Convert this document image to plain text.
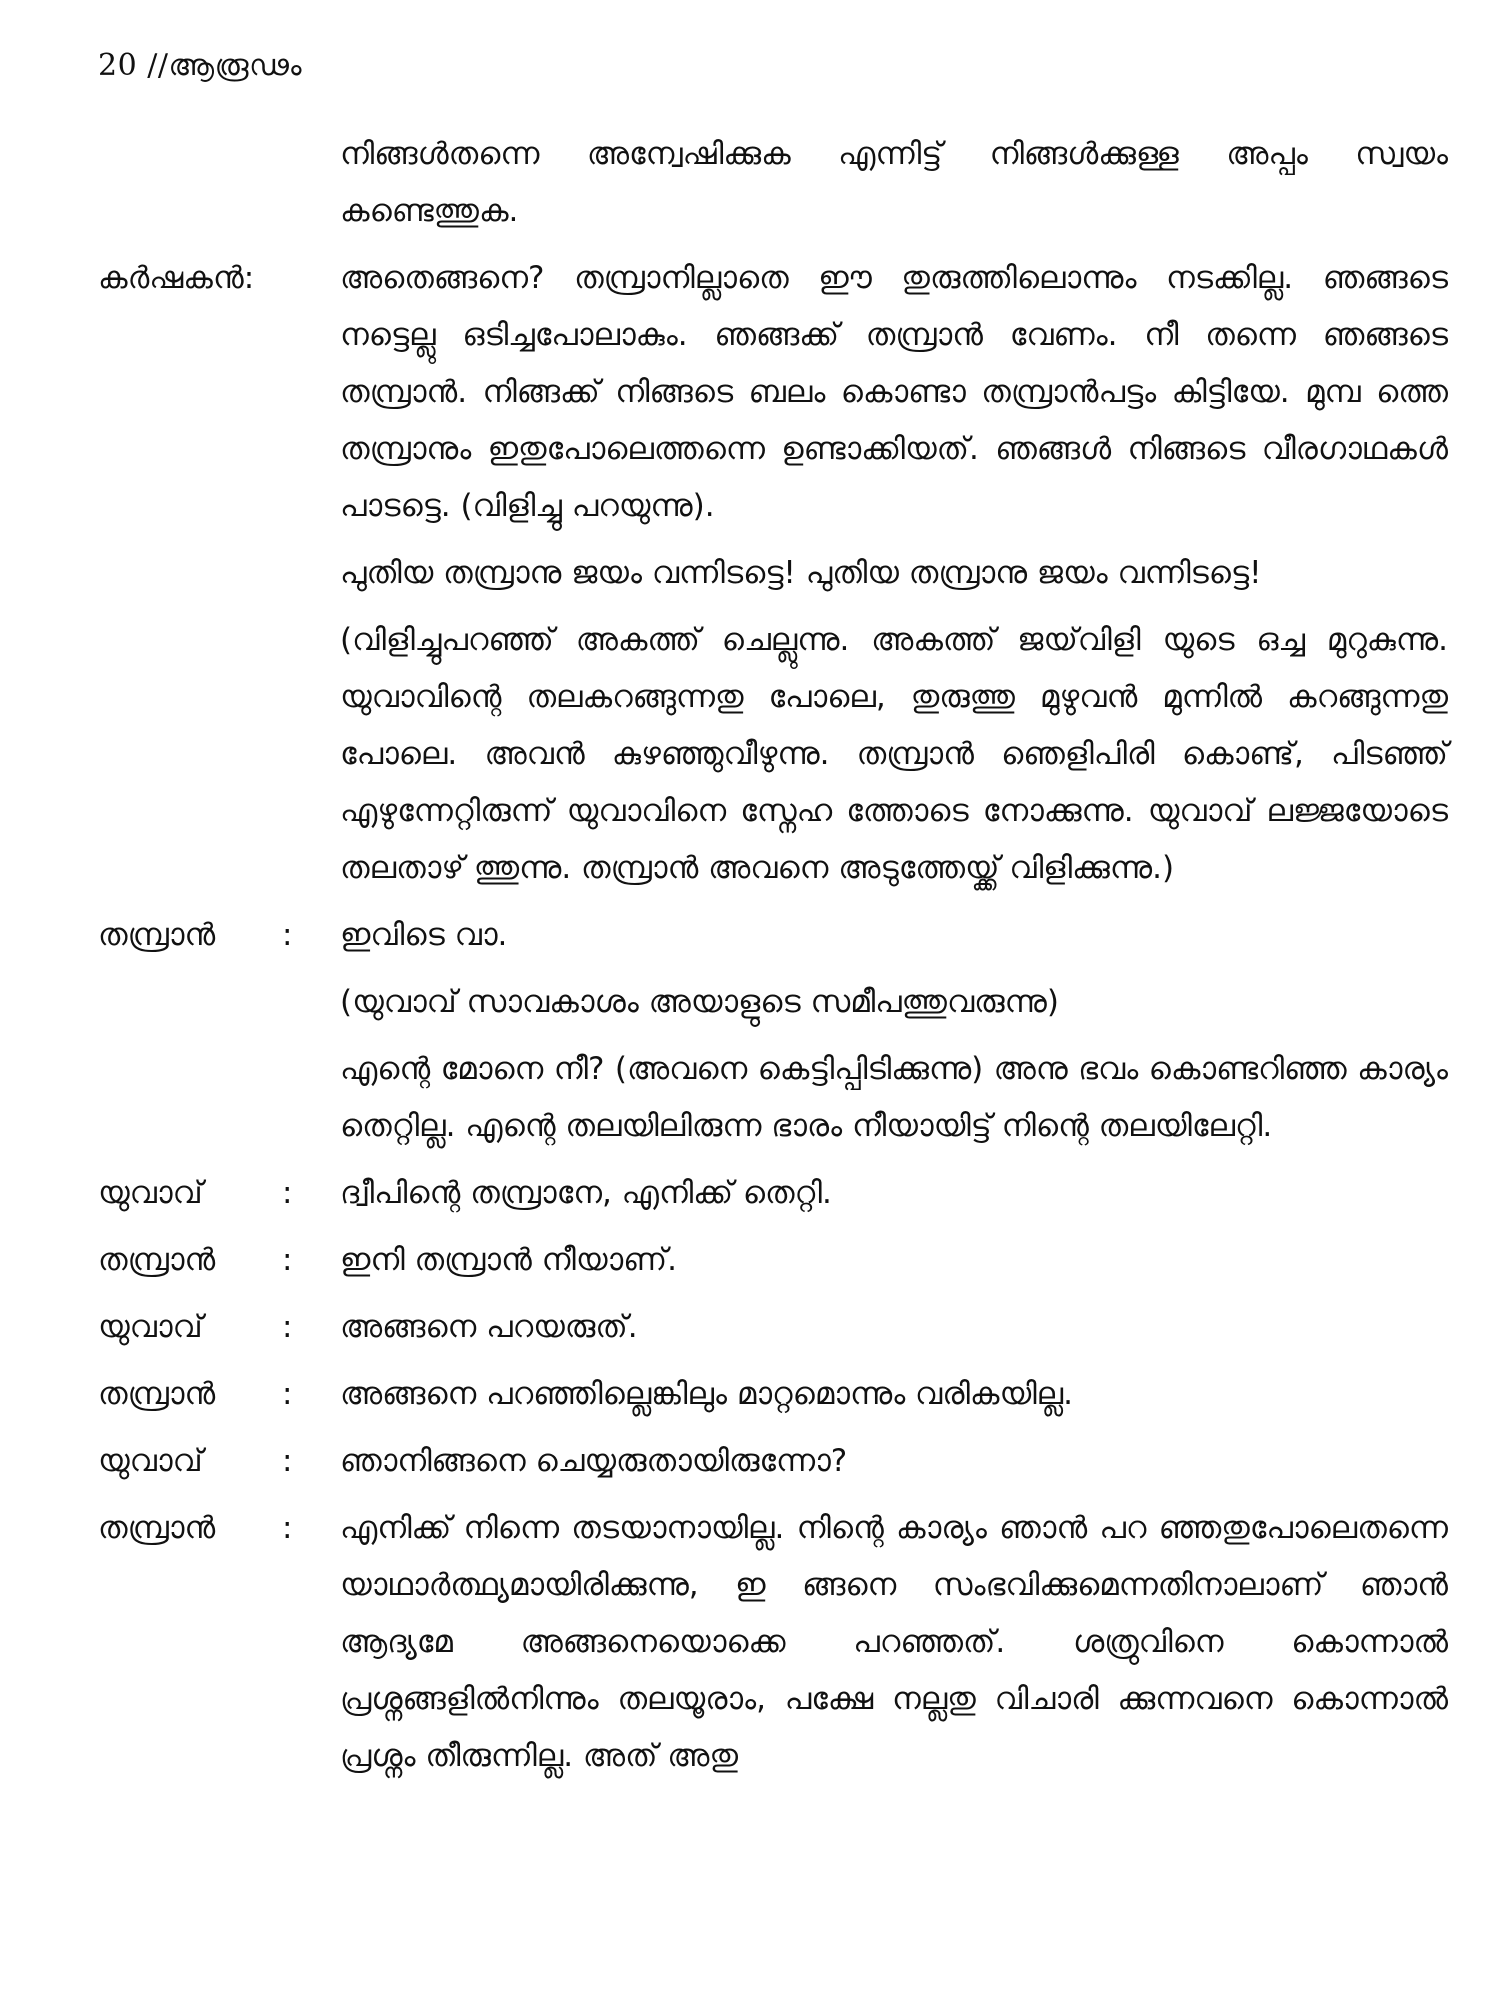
20 //ആരൂഢം
നിങ്ങൾതന്നെ അന്വേഷിക്കുക എന്നിട്ട് നിങ്ങൾക്കുള്ള അപ്പം സ്വയം കണ്ടെത്തുക.
കർഷകൻ:	അതെങ്ങനെ? തമ്പ്രാനില്ലാതെ ഈ തുരുത്തിലൊന്നും നടക്കില്ല. ഞങ്ങടെ നട്ടെല്ലു ഒടിച്ചപോലാകും. ഞങ്ങക്ക് തമ്പ്രാൻ വേണം. നീ തന്നെ ഞങ്ങടെ തമ്പ്രാൻ. നിങ്ങക്ക് നിങ്ങടെ ബലം കൊണ്ടാ തമ്പ്രാൻപട്ടം കിട്ടിയേ. മുമ്പ ത്തെ തമ്പ്രാനും ഇതുപോലെത്തന്നെ ഉണ്ടാക്കിയത്. ഞങ്ങൾ നിങ്ങടെ വീരഗാഥകൾ പാടട്ടെ. (വിളിച്ചു പറയുന്നു).
പുതിയ തമ്പ്രാനു ജയം വന്നിടട്ടെ! പുതിയ തമ്പ്രാനു ജയം വന്നിടട്ടെ!
(വിളിച്ചുപറഞ്ഞ് അകത്ത് ചെല്ലുന്നു. അകത്ത് ജയ്‌വിളി യുടെ ഒച്ച മുറുകുന്നു. യുവാവിന്റെ തലകറങ്ങുന്നതു പോലെ, തുരുത്തു മുഴുവൻ മുന്നിൽ കറങ്ങുന്നതു പോലെ. അവൻ കുഴഞ്ഞുവീഴുന്നു. തമ്പ്രാൻ ഞെളിപിരി കൊണ്ട്, പിടഞ്ഞ് എഴുന്നേറ്റിരുന്ന് യുവാവിനെ സ്നേഹ ത്തോടെ നോക്കുന്നു. യുവാവ് ലജ്ജയോടെ തലതാഴ് ത്തുന്നു. തമ്പ്രാൻ അവനെ അടുത്തേയ്ക്ക് വിളിക്കുന്നു.)
തമ്പ്രാൻ	:	ഇവിടെ വാ.
(യുവാവ് സാവകാശം അയാളുടെ സമീപത്തുവരുന്നു)
എന്റെ മോനെ നീ? (അവനെ കെട്ടിപ്പിടിക്കുന്നു) അനു ഭവം കൊണ്ടറിഞ്ഞ കാര്യം തെറ്റില്ല. എന്റെ തലയിലിരുന്ന ഭാരം നീയായിട്ട് നിന്റെ തലയിലേറ്റി.
യുവാവ്	:	ദ്വീപിന്റെ തമ്പ്രാനേ, എനിക്ക് തെറ്റി.
തമ്പ്രാൻ	:	ഇനി തമ്പ്രാൻ നീയാണ്.
യുവാവ്	:	അങ്ങനെ പറയരുത്.
തമ്പ്രാൻ	:	അങ്ങനെ പറഞ്ഞില്ലെങ്കിലും മാറ്റമൊന്നും വരികയില്ല.
യുവാവ്	:	ഞാനിങ്ങനെ ചെയ്യരുതായിരുന്നോ?
തമ്പ്രാൻ	:	എനിക്ക് നിന്നെ തടയാനായില്ല. നിന്റെ കാര്യം ഞാൻ പറ ഞ്ഞതുപോലെതന്നെ യാഥാർത്ഥ്യമായിരിക്കുന്നു, ഇ ങ്ങനെ സംഭവിക്കുമെന്നതിനാലാണ് ഞാൻ ആദ്യമേ അങ്ങനെയൊക്കെ പറഞ്ഞത്. ശത്രുവിനെ കൊന്നാൽ പ്രശ്നങ്ങളിൽനിന്നും തലയൂരാം, പക്ഷേ നല്ലതു വിചാരി ക്കുന്നവനെ കൊന്നാൽ പ്രശ്നം തീരുന്നില്ല. അത് അതു
